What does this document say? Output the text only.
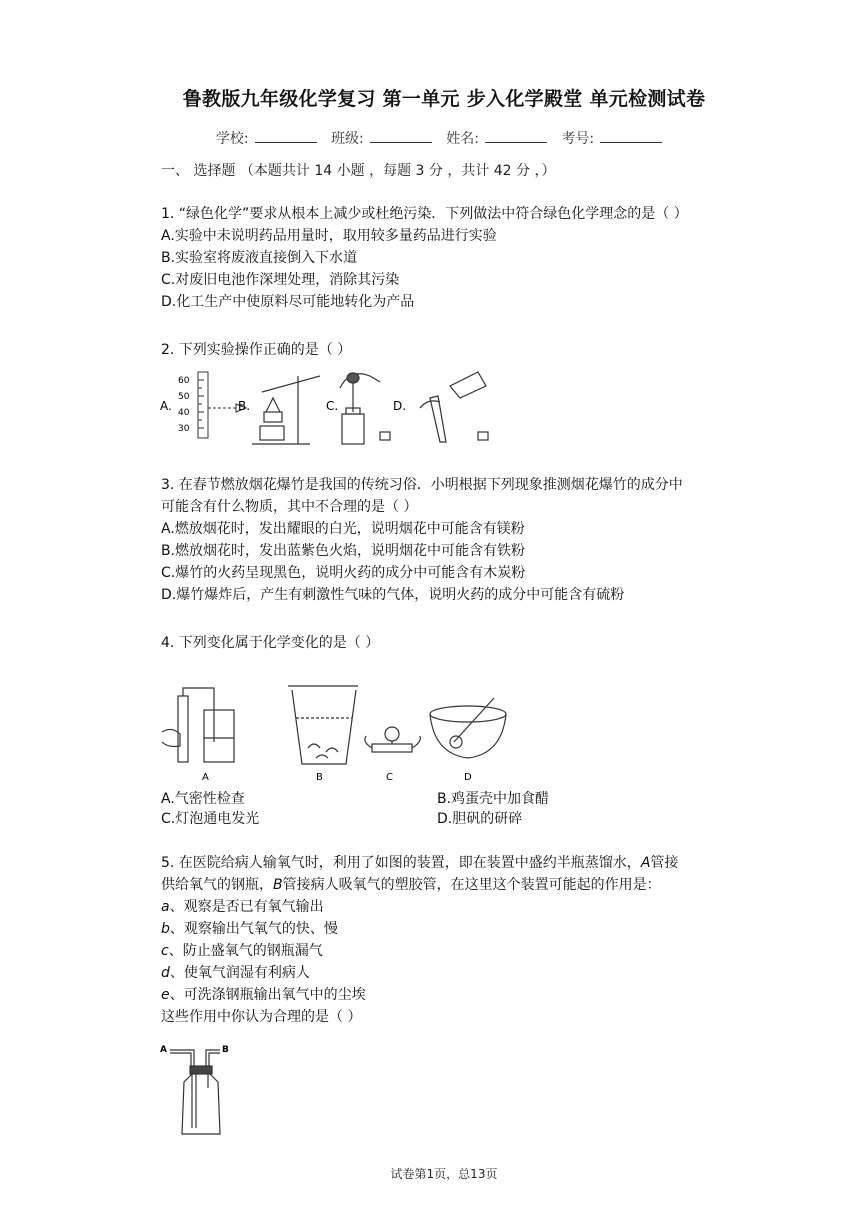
鲁教版九年级化学复习 第一单元 步入化学殿堂 单元检测试卷
学校:	班级:	姓名:	考号:
一、 选择题 （本题共计 14 小题 ，每题 3 分 ，共计 42 分 ，）
1. “绿色化学”要求从根本上减少或杜绝污染．下列做法中符合绿色化学理念的是（ ）
A.实验中未说明药品用量时，取用较多量药品进行实验
B.实验室将废液直接倒入下水道
C.对废旧电池作深埋处理，消除其污染
D.化工生产中使原料尽可能地转化为产品
2. 下列实验操作正确的是（ ）
A.
60
50
40
30
B.	C.	D.
3. 在春节燃放烟花爆竹是我国的传统习俗．小明根据下列现象推测烟花爆竹的成分中
可能含有什么物质，其中不合理的是（ ）
A.燃放烟花时，发出耀眼的白光，说明烟花中可能含有镁粉
B.燃放烟花时，发出蓝紫色火焰，说明烟花中可能含有铁粉
C.爆竹的火药呈现黑色，说明火药的成分中可能含有木炭粉
D.爆竹爆炸后，产生有刺激性气味的气体，说明火药的成分中可能含有硫粉
4. 下列变化属于化学变化的是（ ）
A	B	C	D
A.气密性检查	B.鸡蛋壳中加食醋
C.灯泡通电发光	D.胆矾的研碎
5. 在医院给病人输氧气时，利用了如图的装置，即在装置中盛约半瓶蒸馏水，A管接
供给氧气的钢瓶，B管接病人吸氧气的塑胶管，在这里这个装置可能起的作用是：
a、观察是否已有氧气输出
b、观察输出气氧气的快、慢
c、防止盛氧气的钢瓶漏气
d、使氧气润湿有利病人
e、可洗涤钢瓶输出氧气中的尘埃
这些作用中你认为合理的是（ ）
A	B
试卷第1页，总13页
